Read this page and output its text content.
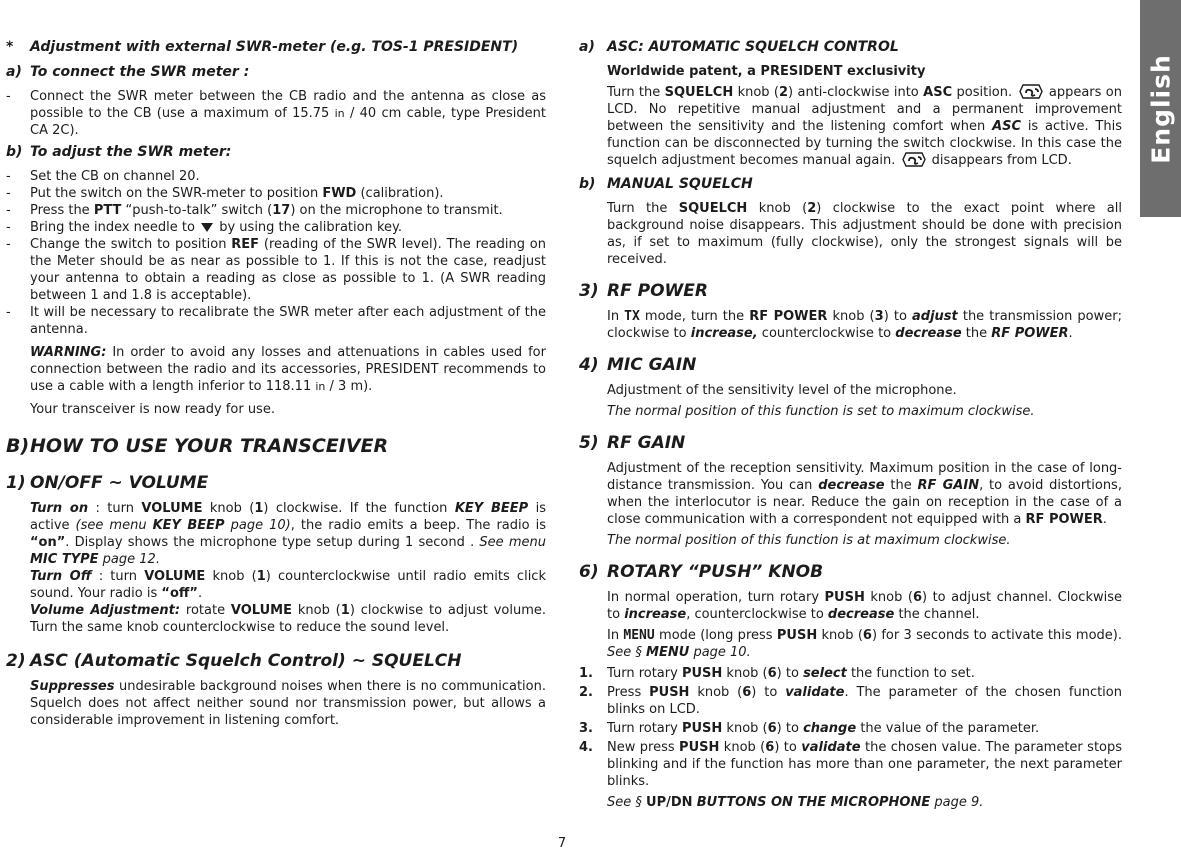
English
* Adjustment with external SWR-meter (e.g. TOS-1 PRESIDENT)
a) To connect the SWR meter :
- Connect the SWR meter between the CB radio and the antenna as close as possible to the CB (use a maximum of 15.75 in / 40 cm cable, type President CA 2C).
b) To adjust the SWR meter:
- Set the CB on channel 20.
- Put the switch on the SWR-meter to position FWD (calibration).
- Press the PTT “push-to-talk” switch (17) on the microphone to transmit.
- Bring the index needle to by using the calibration key.
- Change the switch to position REF (reading of the SWR level). The reading on the Meter should be as near as possible to 1. If this is not the case, readjust your antenna to obtain a reading as close as possible to 1. (A SWR reading between 1 and 1.8 is acceptable).
- It will be necessary to recalibrate the SWR meter after each adjustment of the antenna.
WARNING: In order to avoid any losses and attenuations in cables used for connection between the radio and its accessories, PRESIDENT recommends to use a cable with a length inferior to 118.11 in / 3 m).
Your transceiver is now ready for use.
B) HOW TO USE YOUR TRANSCEIVER
1) ON/OFF ~ VOLUME
Turn on : turn VOLUME knob (1) clockwise. If the function KEY BEEP is active (see menu KEY BEEP page 10), the radio emits a beep. The radio is “on”. Display shows the microphone type setup during 1 second . See menu MIC TYPE page 12.
Turn Off : turn VOLUME knob (1) counterclockwise until radio emits click sound. Your radio is “off”.
Volume Adjustment: rotate VOLUME knob (1) clockwise to adjust volume. Turn the same knob counterclockwise to reduce the sound level.
2) ASC (Automatic Squelch Control) ~ SQUELCH
Suppresses undesirable background noises when there is no communication. Squelch does not affect neither sound nor transmission power, but allows a considerable improvement in listening comfort.
a) ASC: AUTOMATIC SQUELCH CONTROL
Worldwide patent, a PRESIDENT exclusivity
Turn the SQUELCH knob (2) anti-clockwise into ASC position.	appears on LCD. No repetitive manual adjustment and a permanent improvement between the sensitivity and the listening comfort when ASC is active. This function can be disconnected by turning the switch clockwise. In this case the squelch adjustment becomes manual again.	disappears from LCD.
b) MANUAL SQUELCH
Turn the SQUELCH knob (2) clockwise to the exact point where all background noise disappears. This adjustment should be done with precision as, if set to maximum (fully clockwise), only the strongest signals will be received.
3) RF POWER
In TX mode, turn the RF POWER knob (3) to adjust the transmission power; clockwise to increase, counterclockwise to decrease the RF POWER.
4) MIC GAIN
Adjustment of the sensitivity level of the microphone.
The normal position of this function is set to maximum clockwise.
5) RF GAIN
Adjustment of the reception sensitivity. Maximum position in the case of long-distance transmission. You can decrease the RF GAIN, to avoid distortions, when the interlocutor is near. Reduce the gain on reception in the case of a close communication with a correspondent not equipped with a RF POWER.
The normal position of this function is at maximum clockwise.
6) ROTARY “PUSH” KNOB
In normal operation, turn rotary PUSH knob (6) to adjust channel. Clockwise to increase, counterclockwise to decrease the channel.
In MENU mode (long press PUSH knob (6) for 3 seconds to activate this mode). See § MENU page 10.
1. Turn rotary PUSH knob (6) to select the function to set.
2. Press PUSH knob (6) to validate. The parameter of the chosen function blinks on LCD.
3. Turn rotary PUSH knob (6) to change the value of the parameter.
4. New press PUSH knob (6) to validate the chosen value. The parameter stops blinking and if the function has more than one parameter, the next parameter blinks.
See § UP/DN BUTTONS ON THE MICROPHONE page 9.
7
